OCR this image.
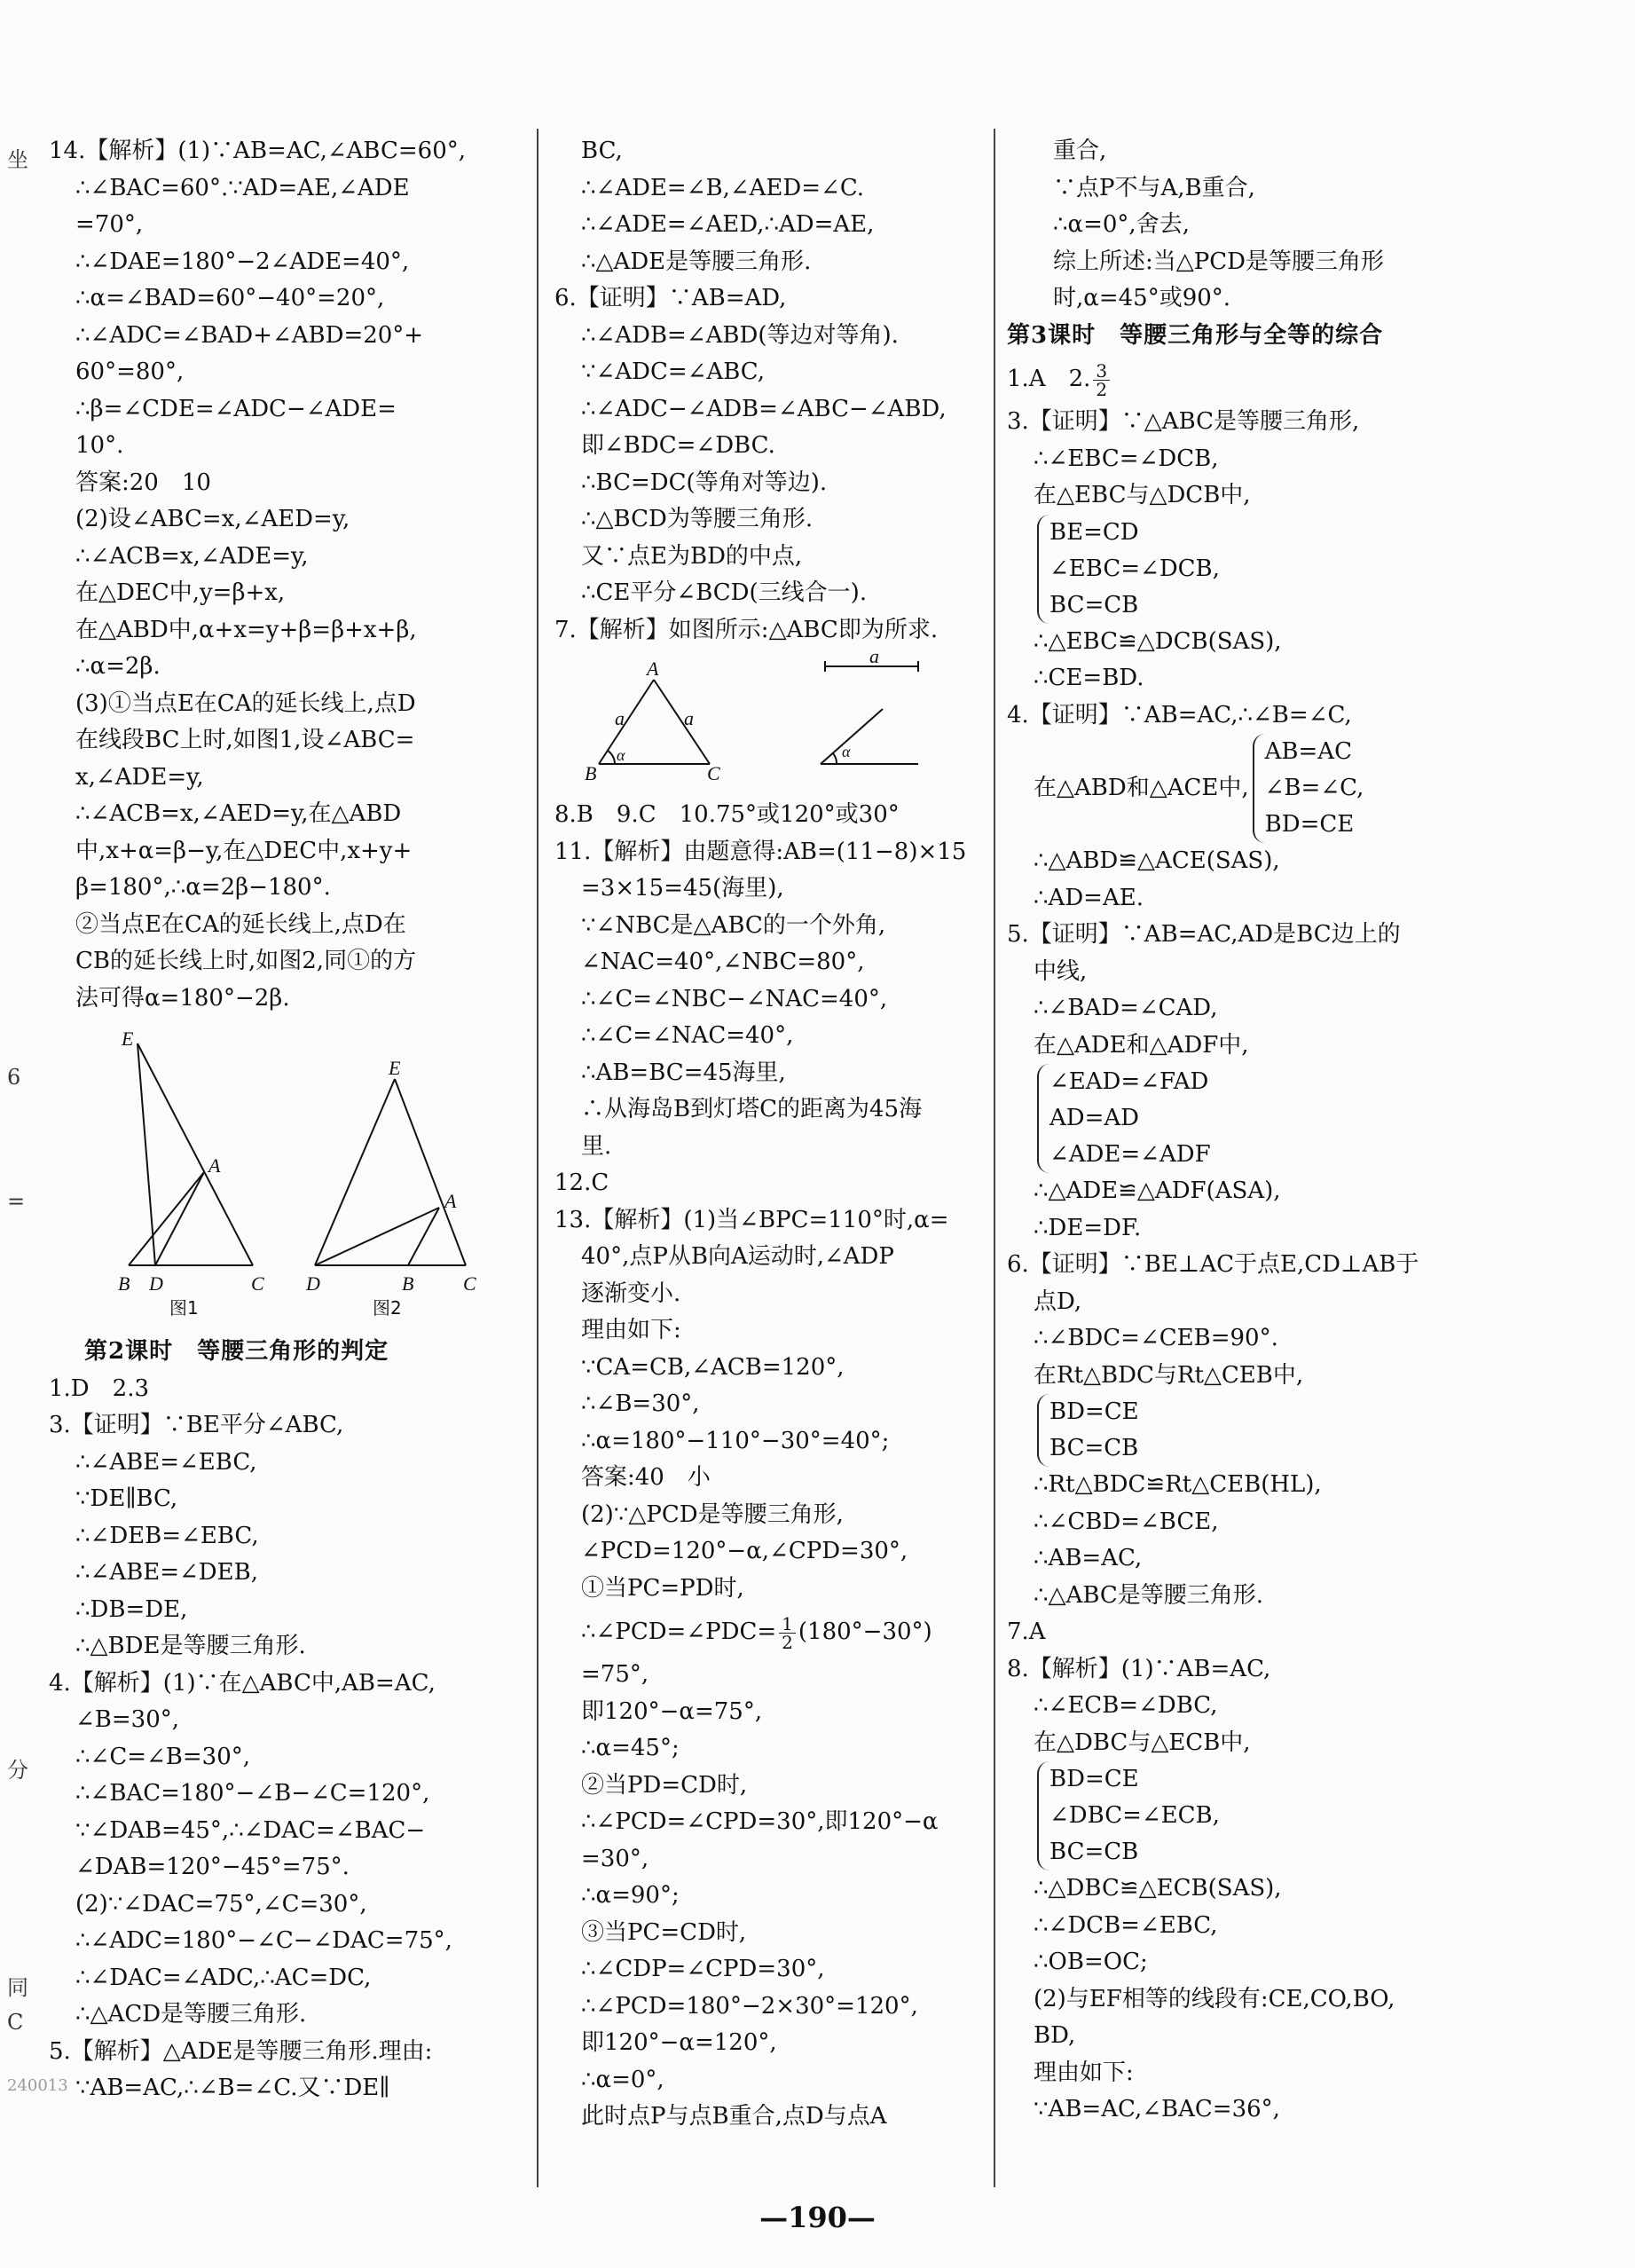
坐
6
=
分
同
C
240013
14.【解析】(1)∵AB=AC,∠ABC=60°,
∴∠BAC=60°.∵AD=AE,∠ADE
=70°,
∴∠DAE=180°−2∠ADE=40°,
∴α=∠BAD=60°−40°=20°,
∴∠ADC=∠BAD+∠ABD=20°+
60°=80°,
∴β=∠CDE=∠ADC−∠ADE=
10°.
答案:20　10
(2)设∠ABC=x,∠AED=y,
∴∠ACB=x,∠ADE=y,
在△DEC中,y=β+x,
在△ABD中,α+x=y+β=β+x+β,
∴α=2β.
(3)①当点E在CA的延长线上,点D
在线段BC上时,如图1,设∠ABC=
x,∠ADE=y,
∴∠ACB=x,∠AED=y,在△ABD
中,x+α=β−y,在△DEC中,x+y+
β=180°,∴α=2β−180°.
②当点E在CA的延长线上,点D在
CB的延长线上时,如图2,同①的方
法可得α=180°−2β.
E
A
B D	C
E
A
D	B	C
图1	图2
第2课时　等腰三角形的判定
1.D　2.3
3.【证明】∵BE平分∠ABC,
∴∠ABE=∠EBC,
∵DE∥BC,
∴∠DEB=∠EBC,
∴∠ABE=∠DEB,
∴DB=DE,
∴△BDE是等腰三角形.
4.【解析】(1)∵在△ABC中,AB=AC,
∠B=30°,
∴∠C=∠B=30°,
∴∠BAC=180°−∠B−∠C=120°,
∵∠DAB=45°,∴∠DAC=∠BAC−
∠DAB=120°−45°=75°.
(2)∵∠DAC=75°,∠C=30°,
∴∠ADC=180°−∠C−∠DAC=75°,
∴∠DAC=∠ADC,∴AC=DC,
∴△ACD是等腰三角形.
5.【解析】△ADE是等腰三角形.理由:
∵AB=AC,∴∠B=∠C.又∵DE∥
BC,
∴∠ADE=∠B,∠AED=∠C.
∴∠ADE=∠AED,∴AD=AE,
∴△ADE是等腰三角形.
6.【证明】∵AB=AD,
∴∠ADB=∠ABD(等边对等角).
∵∠ADC=∠ABC,
∴∠ADC−∠ADB=∠ABC−∠ABD,
即∠BDC=∠DBC.
∴BC=DC(等角对等边).
∴△BCD为等腰三角形.
又∵点E为BD的中点,
∴CE平分∠BCD(三线合一).
7.【解析】如图所示:△ABC即为所求.
A
a	a
a
α	α
B	C
8.B　9.C　10.75°或120°或30°
11.【解析】由题意得:AB=(11−8)×15
=3×15=45(海里),
∵∠NBC是△ABC的一个外角,
∠NAC=40°,∠NBC=80°,
∴∠C=∠NBC−∠NAC=40°,
∴∠C=∠NAC=40°,
∴AB=BC=45海里,
∴从海岛B到灯塔C的距离为45海
里.
12.C
13.【解析】(1)当∠BPC=110°时,α=
40°,点P从B向A运动时,∠ADP
逐渐变小.
理由如下:
∵CA=CB,∠ACB=120°,
∴∠B=30°,
∴α=180°−110°−30°=40°;
答案:40　小
(2)∵△PCD是等腰三角形,
∠PCD=120°−α,∠CPD=30°,
①当PC=PD时,
∴∠PCD=∠PDC= $\frac{1}{2} (180^\circ-30^\circ)$
=75°,
即120°−α=75°,
∴α=45°;
②当PD=CD时,
∴∠PCD=∠CPD=30°,即120°−α
=30°,
∴α=90°;
③当PC=CD时,
∴∠CDP=∠CPD=30°,
∴∠PCD=180°−2×30°=120°,
即120°−α=120°,
∴α=0°,
此时点P与点B重合,点D与点A
重合,
∵点P不与A,B重合,
∴α=0°,舍去,
综上所述:当△PCD是等腰三角形
时,α=45°或90°.
第3课时　等腰三角形与全等的综合
1.A　2. $\frac{3}{2}$
3.【证明】∵△ABC是等腰三角形,
∴∠EBC=∠DCB,
在△EBC与△DCB中,
BE=CD
∠EBC=∠DCB,
BC=CB
∴△EBC≌△DCB(SAS),
∴CE=BD.
4.【证明】∵AB=AC,∴∠B=∠C,
在△ABD和△ACE中,
AB=AC
∠B=∠C,
BD=CE
∴△ABD≌△ACE(SAS),
∴AD=AE.
5.【证明】∵AB=AC,AD是BC边上的
中线,
∴∠BAD=∠CAD,
在△ADE和△ADF中,
∠EAD=∠FAD
AD=AD
∠ADE=∠ADF
∴△ADE≌△ADF(ASA),
∴DE=DF.
6.【证明】∵BE⊥AC于点E,CD⊥AB于
点D,
∴∠BDC=∠CEB=90°.
在Rt△BDC与Rt△CEB中,
BD=CE
BC=CB
∴Rt△BDC≌Rt△CEB(HL),
∴∠CBD=∠BCE,
∴AB=AC,
∴△ABC是等腰三角形.
7.A
8.【解析】(1)∵AB=AC,
∴∠ECB=∠DBC,
在△DBC与△ECB中,
BD=CE
∠DBC=∠ECB,
BC=CB
∴△DBC≌△ECB(SAS),
∴∠DCB=∠EBC,
∴OB=OC;
(2)与EF相等的线段有:CE,CO,BO,
BD,
理由如下:
∵AB=AC,∠BAC=36°,
—190—
